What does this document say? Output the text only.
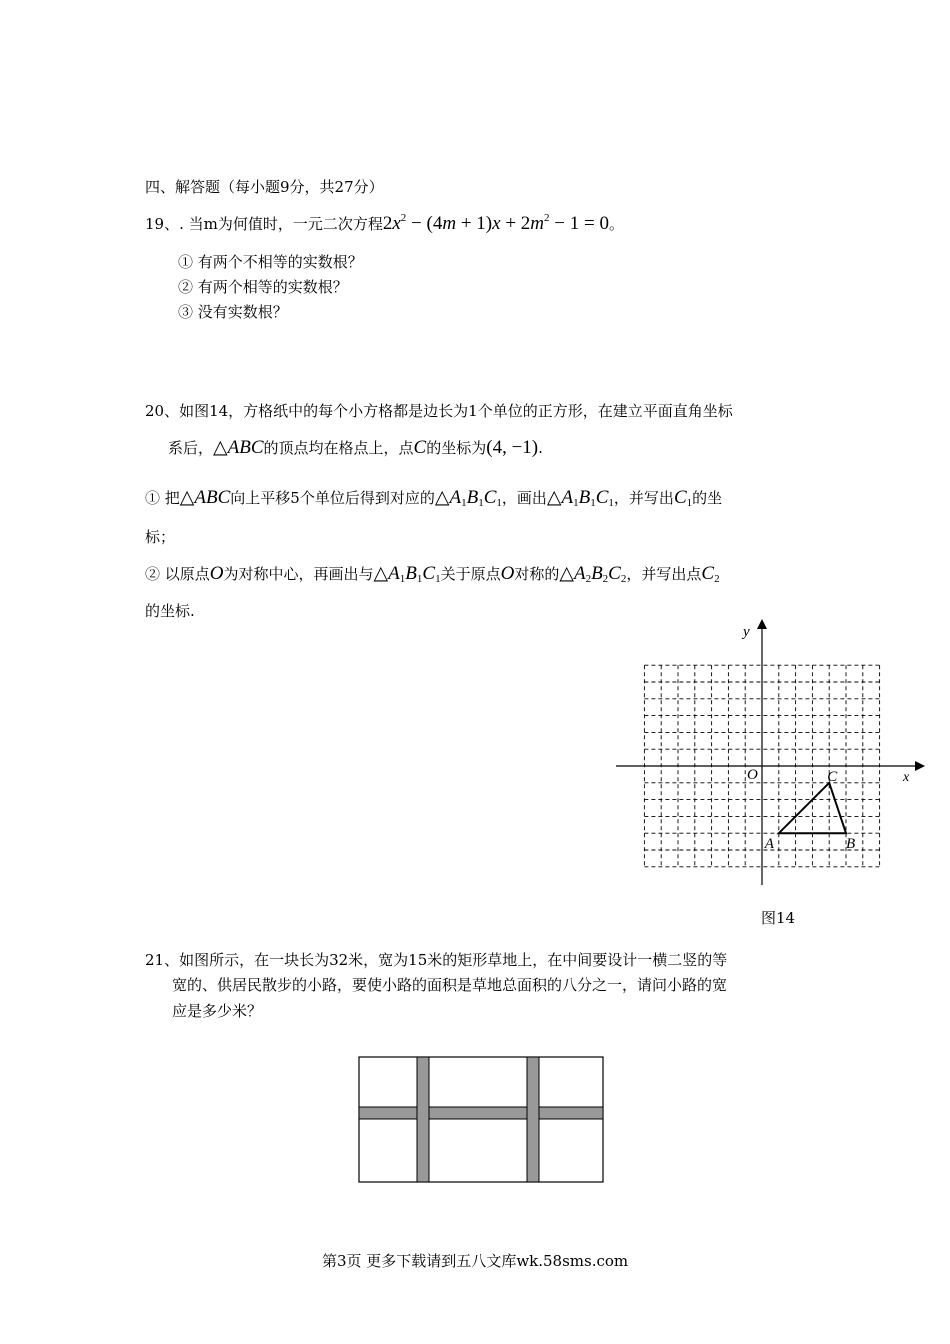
四、解答题（每小题9分，共27分）
19、. 当m为何值时，一元二次方程$2x^2 - (4m + 1)x + 2m^2 - 1 = 0$。
① 有两个不相等的实数根？
② 有两个相等的实数根？
③ 没有实数根？
20、如图14，方格纸中的每个小方格都是边长为1个单位的正方形，在建立平面直角坐标
系后，△ABC的顶点均在格点上，点C的坐标为(4, −1).
① 把△ABC向上平移5个单位后得到对应的$\triangle A_1B_1C_1$，画出$\triangle A_1B_1C_1$，并写出$C_1$的坐
标；
② 以原点O为对称中心，再画出与$\triangle A_1B_1C_1$关于原点O对称的$\triangle A_2B_2C_2$，并写出点$C_2$
的坐标.
x
y
O
A	B
C
图14
21、如图所示，在一块长为32米，宽为15米的矩形草地上，在中间要设计一横二竖的等
宽的、供居民散步的小路，要使小路的面积是草地总面积的八分之一，请问小路的宽
应是多少米？
第3页 更多下载请到五八文库wk.58sms.com
